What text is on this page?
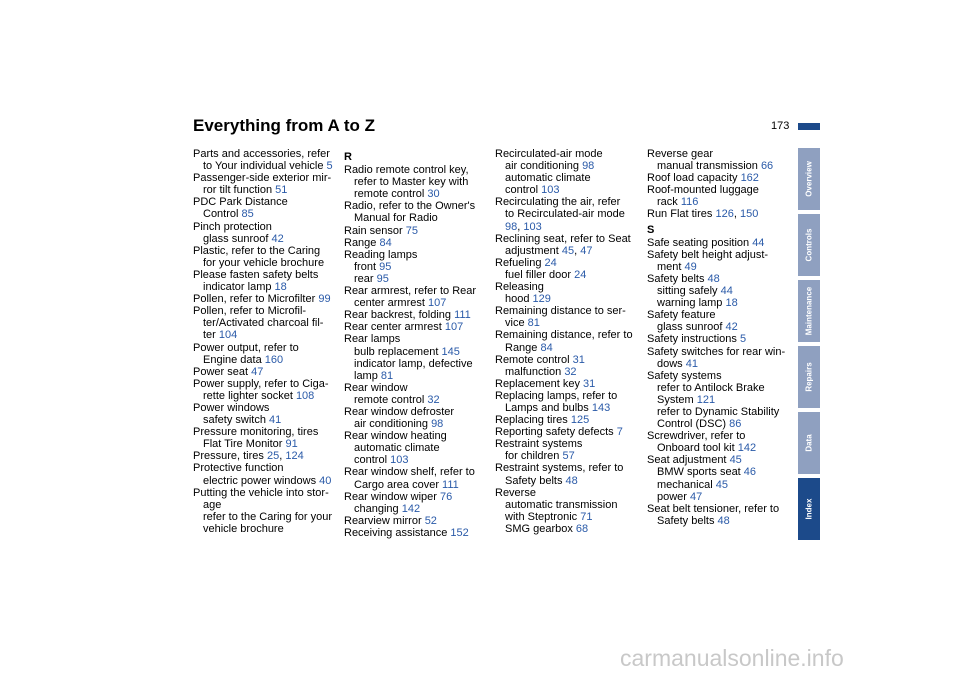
Everything from A to Z	173
Parts and accessories, refer
to Your individual vehicle 5
Passenger-side exterior mir-
ror tilt function 51
PDC Park Distance
Control 85
Pinch protection
glass sunroof 42
Plastic, refer to the Caring
for your vehicle brochure
Please fasten safety belts
indicator lamp 18
Pollen, refer to Microfilter 99
Pollen, refer to Microfil-
ter/Activated charcoal fil-
ter 104
Power output, refer to
Engine data 160
Power seat 47
Power supply, refer to Ciga-
rette lighter socket 108
Power windows
safety switch 41
Pressure monitoring, tires
Flat Tire Monitor 91
Pressure, tires 25, 124
Protective function
electric power windows 40
Putting the vehicle into stor-
age
refer to the Caring for your
vehicle brochure
R
Radio remote control key,
refer to Master key with
remote control 30
Radio, refer to the Owner's
Manual for Radio
Rain sensor 75
Range 84
Reading lamps
front 95
rear 95
Rear armrest, refer to Rear
center armrest 107
Rear backrest, folding 111
Rear center armrest 107
Rear lamps
bulb replacement 145
indicator lamp, defective
lamp 81
Rear window
remote control 32
Rear window defroster
air conditioning 98
Rear window heating
automatic climate
control 103
Rear window shelf, refer to
Cargo area cover 111
Rear window wiper 76
changing 142
Rearview mirror 52
Receiving assistance 152
Recirculated-air mode
air conditioning 98
automatic climate
control 103
Recirculating the air, refer
to Recirculated-air mode
98, 103
Reclining seat, refer to Seat
adjustment 45, 47
Refueling 24
fuel filler door 24
Releasing
hood 129
Remaining distance to ser-
vice 81
Remaining distance, refer to
Range 84
Remote control 31
malfunction 32
Replacement key 31
Replacing lamps, refer to
Lamps and bulbs 143
Replacing tires 125
Reporting safety defects 7
Restraint systems
for children 57
Restraint systems, refer to
Safety belts 48
Reverse
automatic transmission
with Steptronic 71
SMG gearbox 68
Reverse gear
manual transmission 66
Roof load capacity 162
Roof-mounted luggage
rack 116
Run Flat tires 126, 150
S
Safe seating position 44
Safety belt height adjust-
ment 49
Safety belts 48
sitting safely 44
warning lamp 18
Safety feature
glass sunroof 42
Safety instructions 5
Safety switches for rear win-
dows 41
Safety systems
refer to Antilock Brake
System 121
refer to Dynamic Stability
Control (DSC) 86
Screwdriver, refer to
Onboard tool kit 142
Seat adjustment 45
BMW sports seat 46
mechanical 45
power 47
Seat belt tensioner, refer to
Safety belts 48
Overview
Controls
Maintenance
Repairs
Data
Index
carmanualsonline.info
